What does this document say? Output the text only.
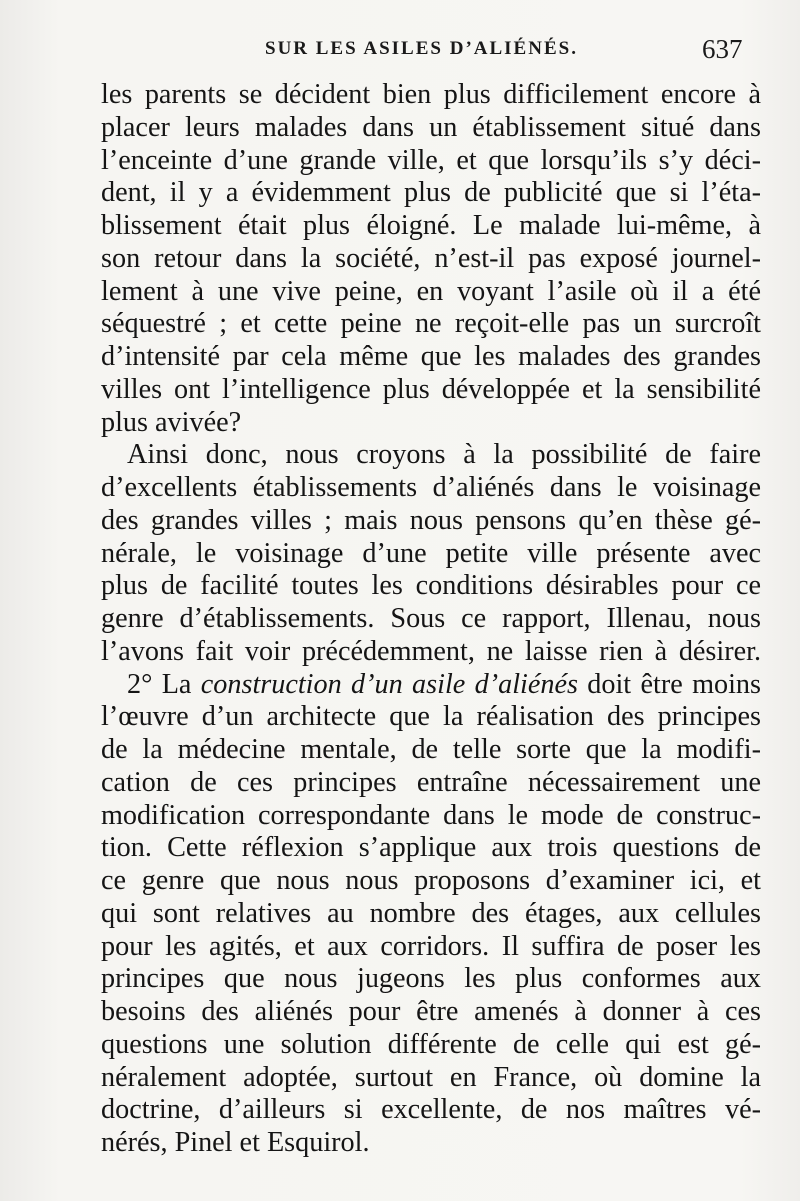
SUR LES ASILES D’ALIÉNÉS.	637
les parents se décident bien plus difficilement encore à
placer leurs malades dans un établissement situé dans
l’enceinte d’une grande ville, et que lorsqu’ils s’y déci-
dent, il y a évidemment plus de publicité que si l’éta-
blissement était plus éloigné. Le malade lui-même, à
son retour dans la société, n’est-il pas exposé journel-
lement à une vive peine, en voyant l’asile où il a été
séquestré ; et cette peine ne reçoit-elle pas un surcroît
d’intensité par cela même que les malades des grandes
villes ont l’intelligence plus développée et la sensibilité
plus avivée?
Ainsi donc, nous croyons à la possibilité de faire
d’excellents établissements d’aliénés dans le voisinage
des grandes villes ; mais nous pensons qu’en thèse gé-
nérale, le voisinage d’une petite ville présente avec
plus de facilité toutes les conditions désirables pour ce
genre d’établissements. Sous ce rapport, Illenau, nous
l’avons fait voir précédemment, ne laisse rien à désirer.
2° La construction d’un asile d’aliénés doit être moins
l’œuvre d’un architecte que la réalisation des principes
de la médecine mentale, de telle sorte que la modifi-
cation de ces principes entraîne nécessairement une
modification correspondante dans le mode de construc-
tion. Cette réflexion s’applique aux trois questions de
ce genre que nous nous proposons d’examiner ici, et
qui sont relatives au nombre des étages, aux cellules
pour les agités, et aux corridors. Il suffira de poser les
principes que nous jugeons les plus conformes aux
besoins des aliénés pour être amenés à donner à ces
questions une solution différente de celle qui est gé-
néralement adoptée, surtout en France, où domine la
doctrine, d’ailleurs si excellente, de nos maîtres vé-
nérés, Pinel et Esquirol.
